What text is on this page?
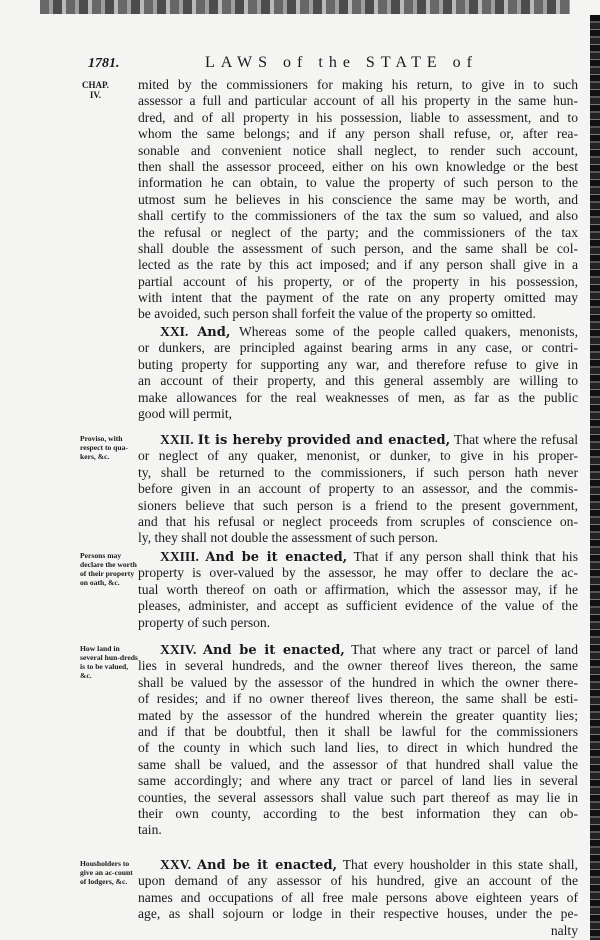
1781.	LAWS of the STATE of
CHAP.
IV.
mited by the commissioners for making his return, to give in to such
assessor a full and particular account of all his property in the same hun-
dred, and of all property in his possession, liable to assessment, and to
whom the same belongs; and if any person shall refuse, or, after rea-
sonable and convenient notice shall neglect, to render such account,
then shall the assessor proceed, either on his own knowledge or the best
information he can obtain, to value the property of such person to the
utmost sum he believes in his conscience the same may be worth, and
shall certify to the commissioners of the tax the sum so valued, and also
the refusal or neglect of the party; and the commissioners of the tax
shall double the assessment of such person, and the same shall be col-
lected as the rate by this act imposed; and if any person shall give in a
partial account of his property, or of the property in his possession,
with intent that the payment of the rate on any property omitted may
be avoided, such person shall forfeit the value of the property so omitted.
XXI. And, Whereas some of the people called quakers, menonists,
or dunkers, are principled against bearing arms in any case, or contri-
buting property for supporting any war, and therefore refuse to give in
an account of their property, and this general assembly are willing to
make allowances for the real weaknesses of men, as far as the public
good will permit,
XXII. It is hereby provided and enacted, That where the refusal
or neglect of any quaker, menonist, or dunker, to give in his proper-
ty, shall be returned to the commissioners, if such person hath never
before given in an account of property to an assessor, and the commis-
sioners believe that such person is a friend to the present government,
and that his refusal or neglect proceeds from scruples of conscience on-
ly, they shall not double the assessment of such person.
Proviso, with respect to qua-kers, &c.
XXIII. And be it enacted, That if any person shall think that his
property is over-valued by the assessor, he may offer to declare the ac-
tual worth thereof on oath or affirmation, which the assessor may, if he
pleases, administer, and accept as sufficient evidence of the value of the
property of such person.
Persons may declare the worth of their property on oath, &c.
XXIV. And be it enacted, That where any tract or parcel of land
lies in several hundreds, and the owner thereof lives thereon, the same
shall be valued by the assessor of the hundred in which the owner there-
of resides; and if no owner thereof lives thereon, the same shall be esti-
mated by the assessor of the hundred wherein the greater quantity lies;
and if that be doubtful, then it shall be lawful for the commissioners
of the county in which such land lies, to direct in which hundred the
same shall be valued, and the assessor of that hundred shall value the
same accordingly; and where any tract or parcel of land lies in several
counties, the several assessors shall value such part thereof as may lie in
their own county, according to the best information they can ob-
tain.
How land in several hun-dreds is to be valued, &c.
XXV. And be it enacted, That every housholder in this state shall,
upon demand of any assessor of his hundred, give an account of the
names and occupations of all free male persons above eighteen years of
age, as shall sojourn or lodge in their respective houses, under the pe-
nalty
Housholders to give an ac-count of lodgers, &c.
